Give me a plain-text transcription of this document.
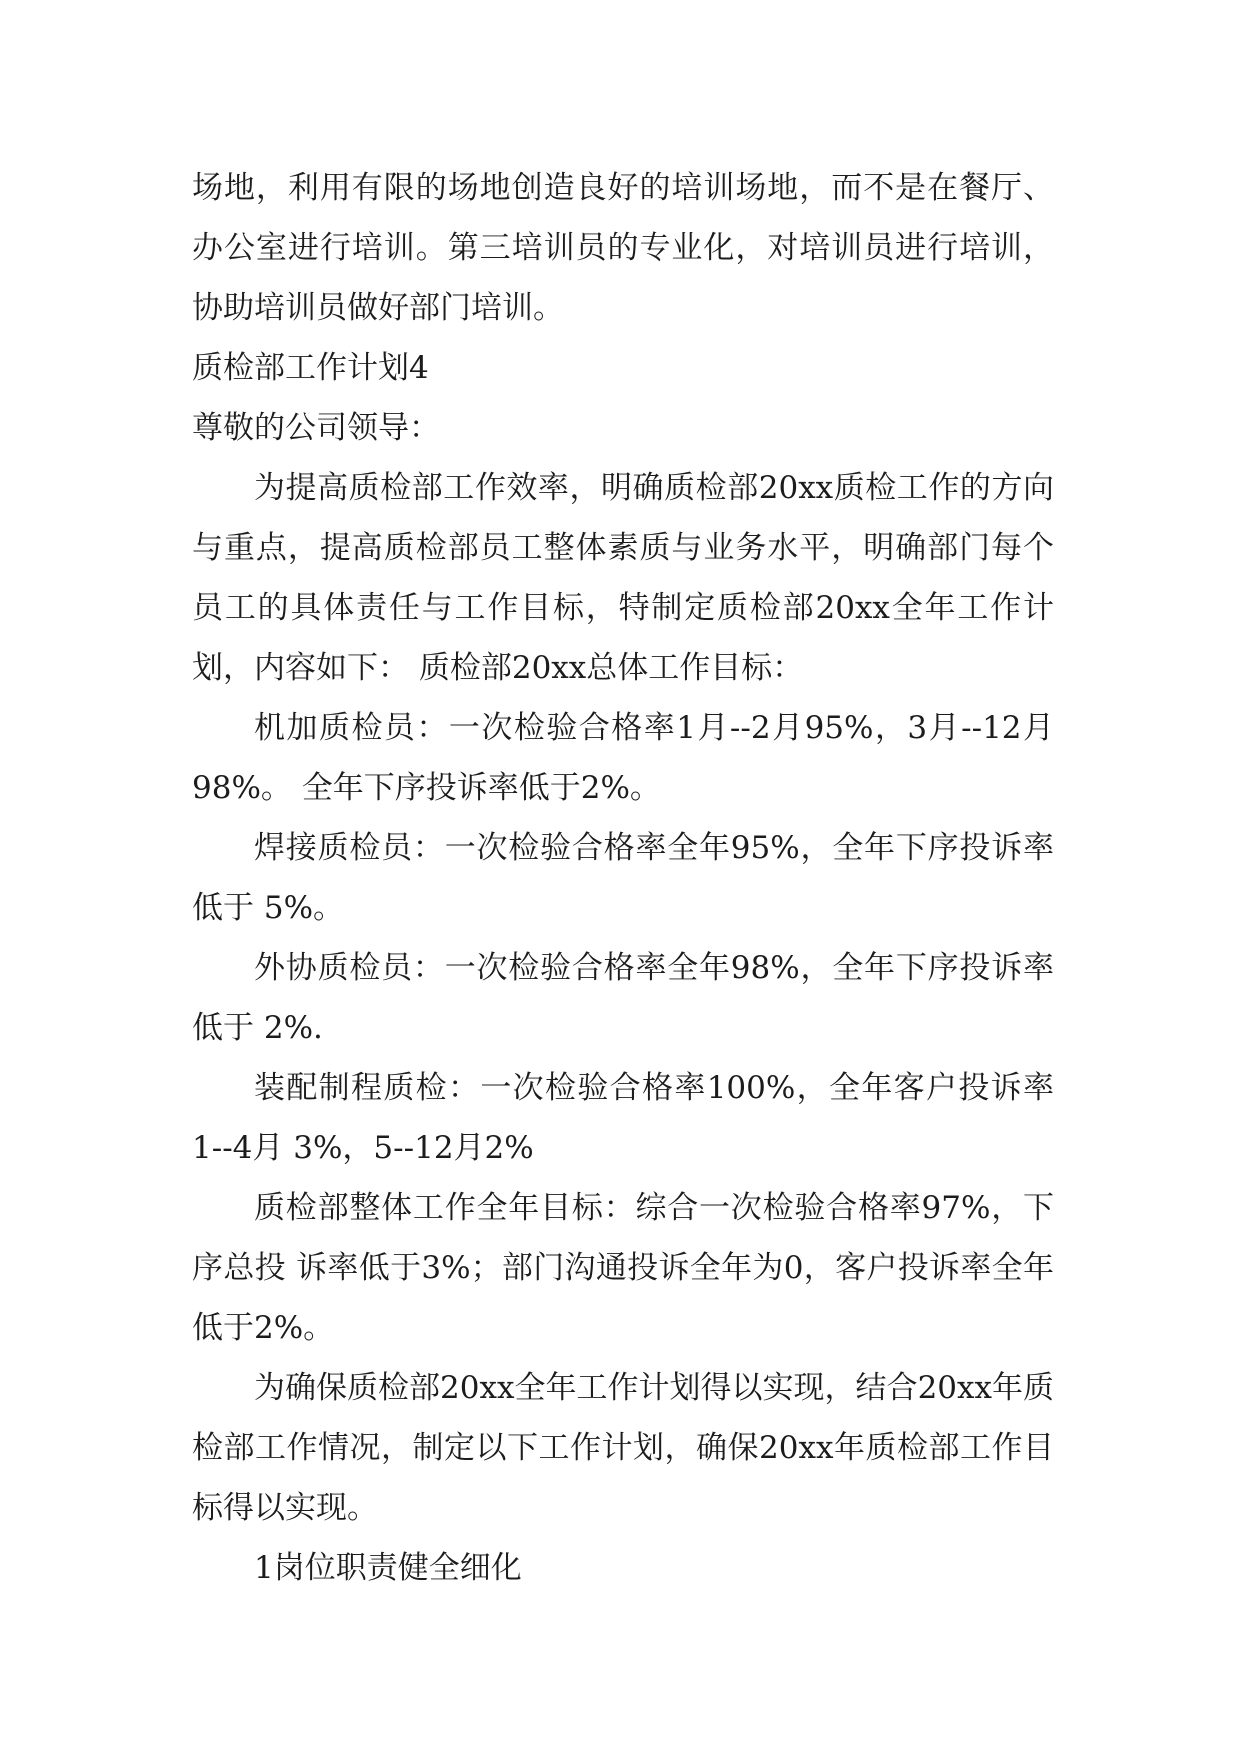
场地，利用有限的场地创造良好的培训场地，而不是在餐厅、办公室进行培训。第三培训员的专业化，对培训员进行培训，协助培训员做好部门培训。

质检部工作计划4

尊敬的公司领导：

为提高质检部工作效率，明确质检部20xx质检工作的方向与重点，提高质检部员工整体素质与业务水平，明确部门每个员工的具体责任与工作目标，特制定质检部20xx全年工作计划，内容如下： 质检部20xx总体工作目标：

机加质检员：一次检验合格率1月--2月95%，3月--12月98%。 全年下序投诉率低于2%。

焊接质检员：一次检验合格率全年95%，全年下序投诉率低于 5%。

外协质检员：一次检验合格率全年98%，全年下序投诉率低于 2%.

装配制程质检：一次检验合格率100%，全年客户投诉率1--4月 3%，5--12月2%

质检部整体工作全年目标：综合一次检验合格率97%，下序总投 诉率低于3%；部门沟通投诉全年为0，客户投诉率全年低于2%。

为确保质检部20xx全年工作计划得以实现，结合20xx年质检部工作情况，制定以下工作计划，确保20xx年质检部工作目标得以实现。

1岗位职责健全细化
